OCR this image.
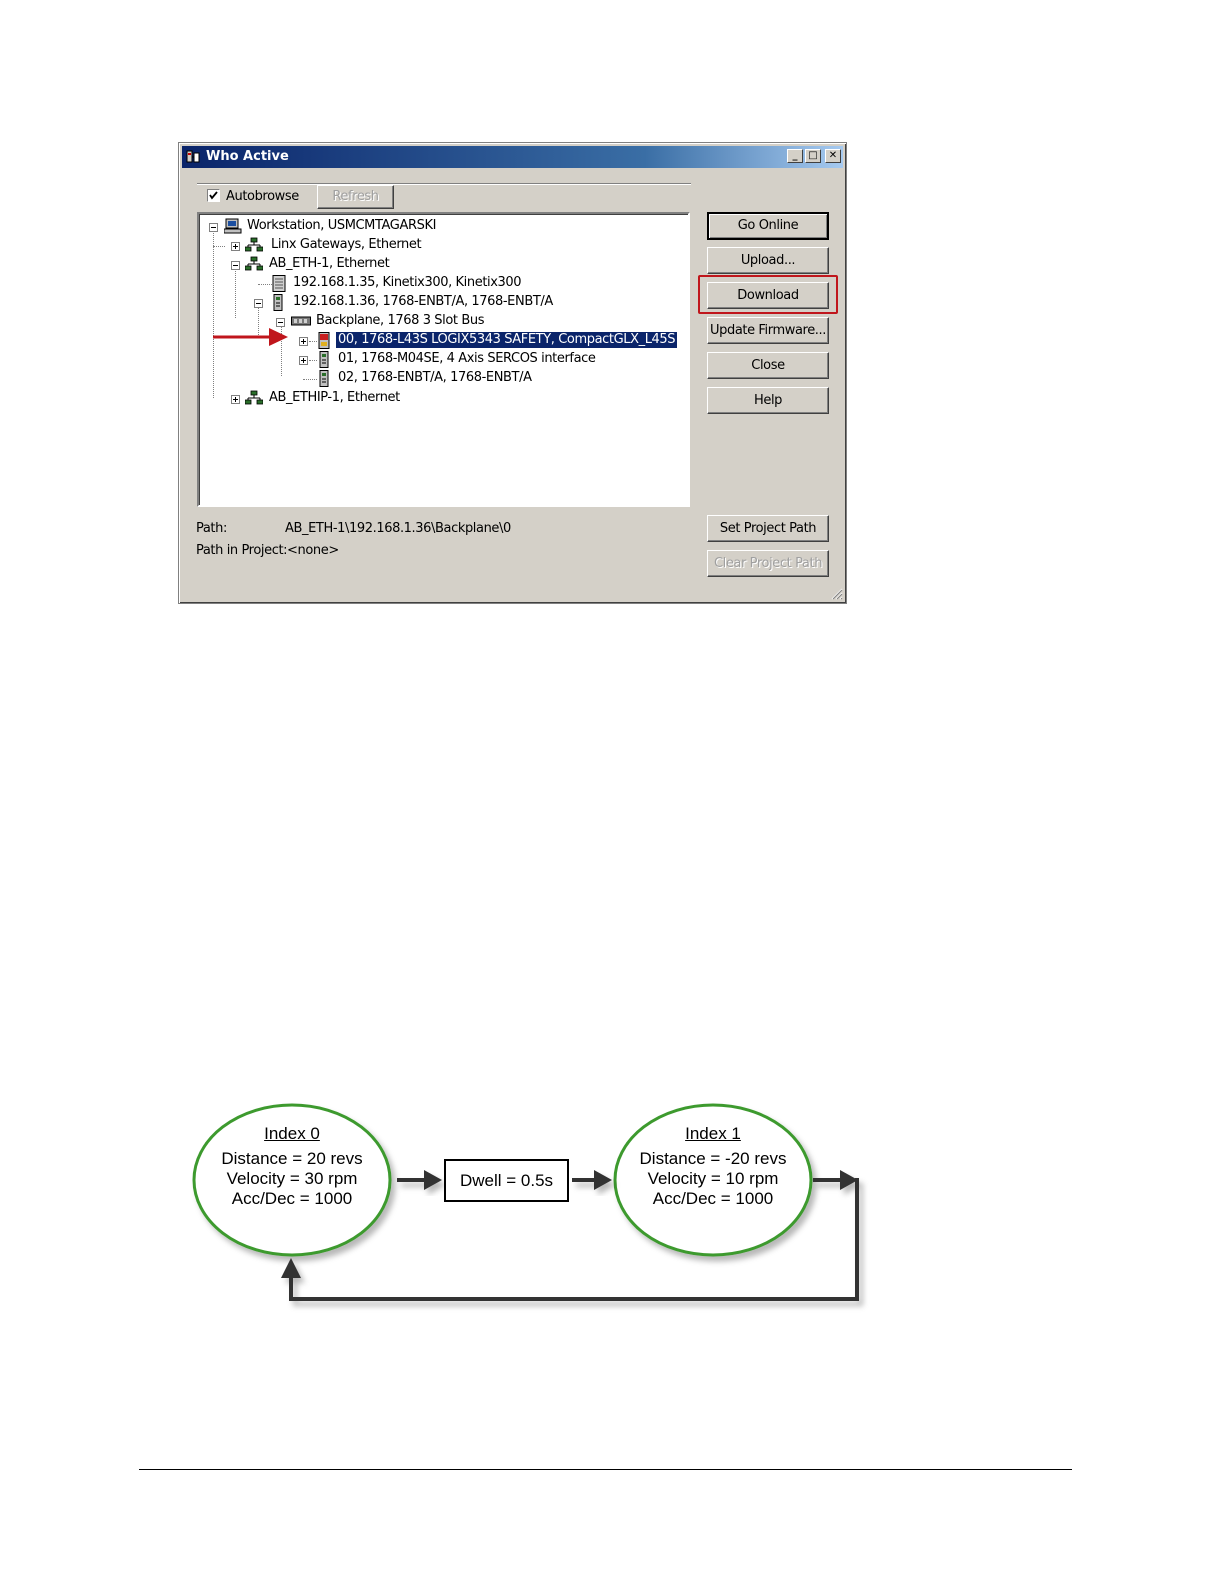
Who Active	_	□	✕
Autobrowse	Refresh
Workstation, USMCMTAGARSKI
Linx Gateways, Ethernet
AB_ETH-1, Ethernet
192.168.1.35, Kinetix300, Kinetix300
192.168.1.36, 1768-ENBT/A, 1768-ENBT/A
Backplane, 1768 3 Slot Bus
00, 1768-L43S LOGIX5343 SAFETY, CompactGLX_L45S
01, 1768-M04SE, 4 Axis SERCOS interface
02, 1768-ENBT/A, 1768-ENBT/A
AB_ETHIP-1, Ethernet
Go Online
Upload...
Download
Update Firmware...
Close
Help
Set Project Path
Clear Project Path
Path:	AB_ETH-1\192.168.1.36\Backplane\0
Path in Project: <none>
Index 0
Distance = 20 revs
Velocity = 30 rpm
Acc/Dec = 1000
Dwell = 0.5s
Index 1
Distance = -20 revs
Velocity = 10 rpm
Acc/Dec = 1000
